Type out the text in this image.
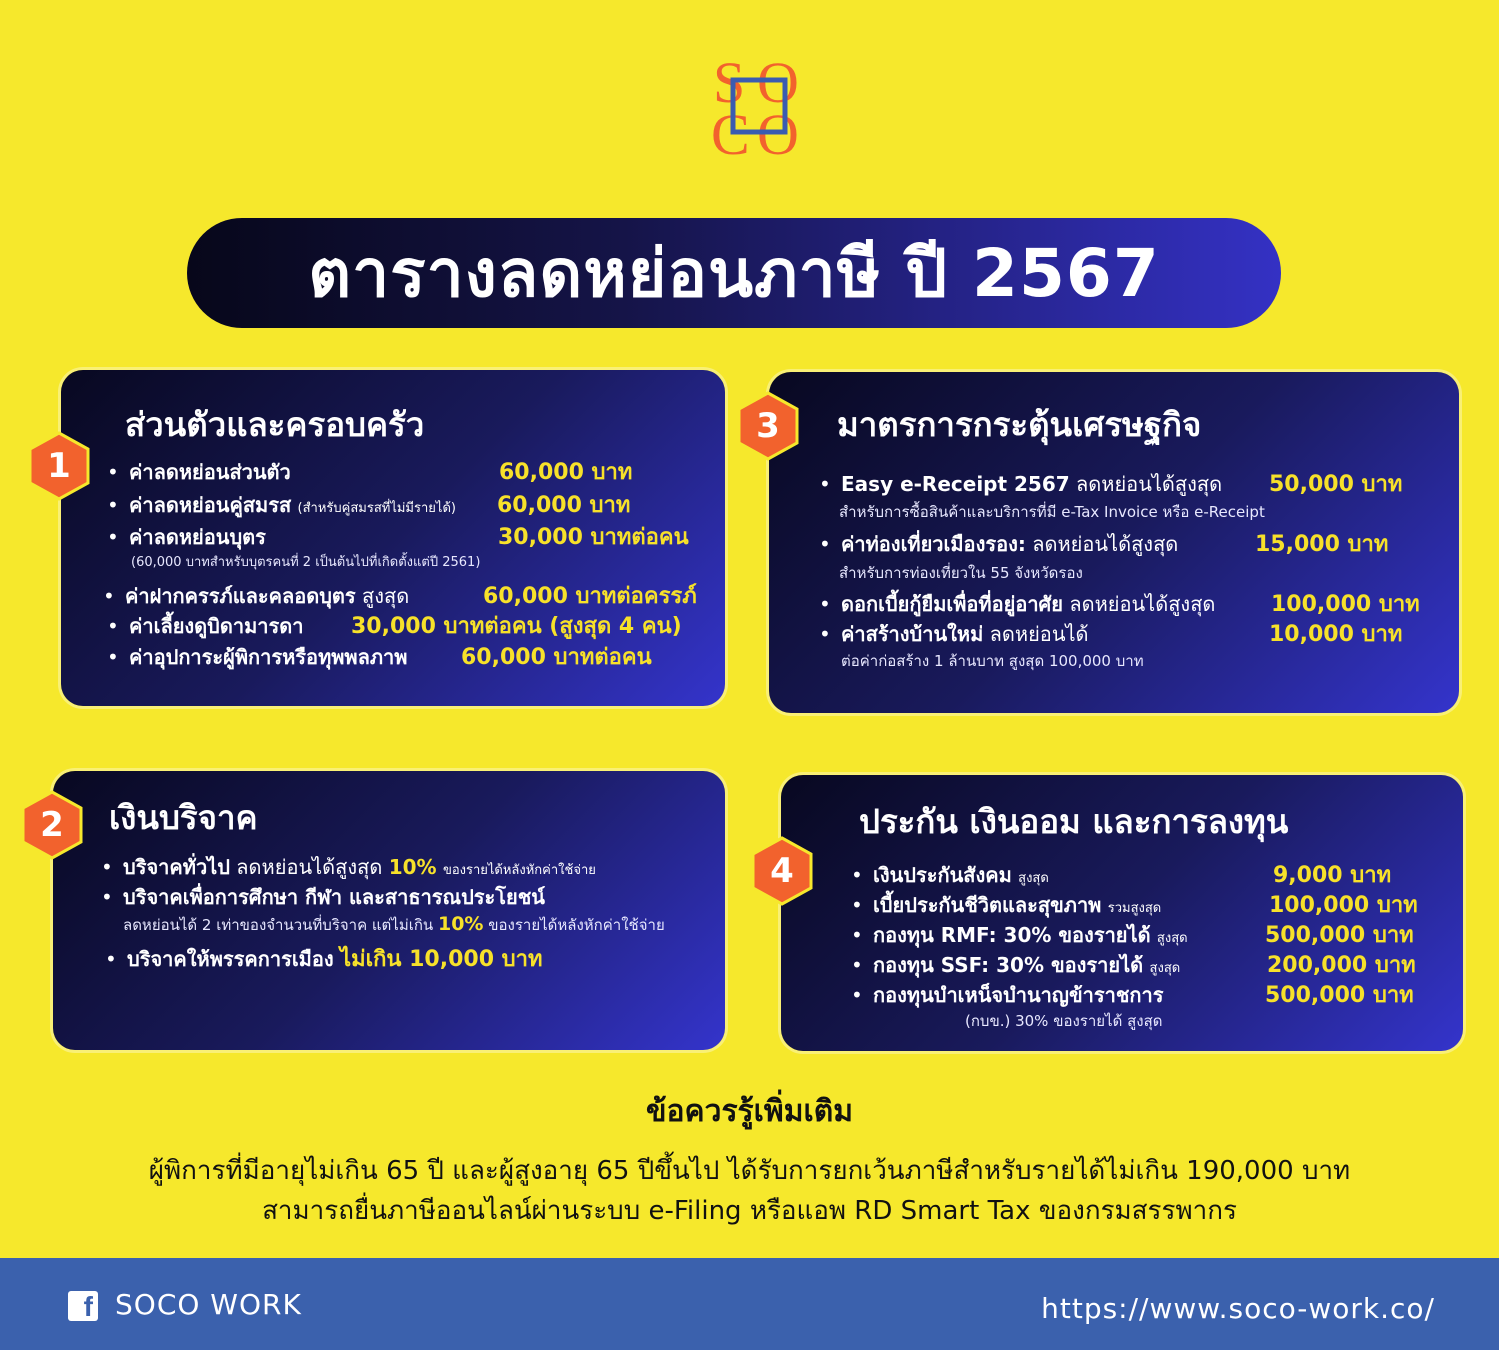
S O
C O
ตารางลดหย่อนภาษี ปี 2567
ส่วนตัวและครอบครัว
• ค่าลดหย่อนส่วนตัว	60,000 บาท
• ค่าลดหย่อนคู่สมรส (สำหรับคู่สมรสที่ไม่มีรายได้) 60,000 บาท
• ค่าลดหย่อนบุตร	30,000 บาทต่อคน
(60,000 บาทสำหรับบุตรคนที่ 2 เป็นต้นไปที่เกิดตั้งแต่ปี 2561)
• ค่าฝากครรภ์และคลอดบุตร สูงสุด	60,000 บาทต่อครรภ์
• ค่าเลี้ยงดูบิดามารดา 30,000 บาทต่อคน (สูงสุด 4 คน)
• ค่าอุปการะผู้พิการหรือทุพพลภาพ 60,000 บาทต่อคน
เงินบริจาค
• บริจาคทั่วไป ลดหย่อนได้สูงสุด 10% ของรายได้หลังหักค่าใช้จ่าย
• บริจาคเพื่อการศึกษา กีฬา และสาธารณประโยชน์
ลดหย่อนได้ 2 เท่าของจำนวนที่บริจาค แต่ไม่เกิน 10% ของรายได้หลังหักค่าใช้จ่าย
• บริจาคให้พรรคการเมือง ไม่เกิน 10,000 บาท
มาตรการกระตุ้นเศรษฐกิจ
• Easy e-Receipt 2567 ลดหย่อนได้สูงสุด 50,000 บาท
สำหรับการซื้อสินค้าและบริการที่มี e-Tax Invoice หรือ e-Receipt
• ค่าท่องเที่ยวเมืองรอง: ลดหย่อนได้สูงสุด	15,000 บาท
สำหรับการท่องเที่ยวใน 55 จังหวัดรอง
• ดอกเบี้ยกู้ยืมเพื่อที่อยู่อาศัย ลดหย่อนได้สูงสุด	100,000 บาท
• ค่าสร้างบ้านใหม่ ลดหย่อนได้	10,000 บาท
ต่อค่าก่อสร้าง 1 ล้านบาท สูงสุด 100,000 บาท
ประกัน เงินออม และการลงทุน
• เงินประกันสังคม สูงสุด	9,000 บาท
• เบี้ยประกันชีวิตและสุขภาพ รวมสูงสุด	100,000 บาท
• กองทุน RMF: 30% ของรายได้ สูงสุด	500,000 บาท
• กองทุน SSF: 30% ของรายได้ สูงสุด	200,000 บาท
• กองทุนบำเหน็จบำนาญข้าราชการ	500,000 บาท
(กบข.) 30% ของรายได้ สูงสุด
1
2
3
4
ข้อควรรู้เพิ่มเติม
ผู้พิการที่มีอายุไม่เกิน 65 ปี และผู้สูงอายุ 65 ปีขึ้นไป ได้รับการยกเว้นภาษีสำหรับรายได้ไม่เกิน 190,000 บาท
สามารถยื่นภาษีออนไลน์ผ่านระบบ e-Filing หรือแอพ RD Smart Tax ของกรมสรรพากร
f SOCO WORK	https://www.soco-work.co/
